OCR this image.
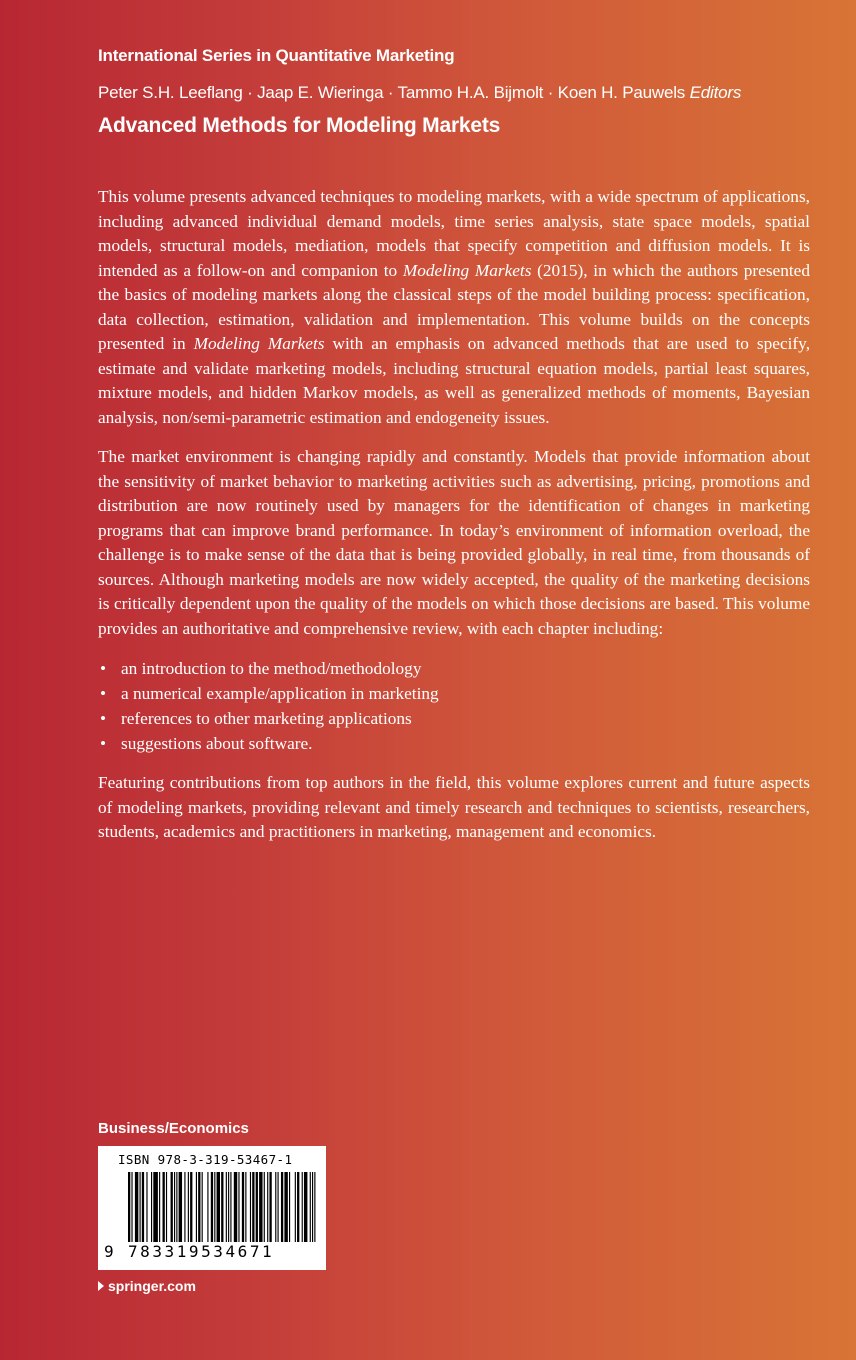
International Series in Quantitative Marketing
Peter S.H. Leeflang · Jaap E. Wieringa · Tammo H.A. Bijmolt · Koen H. Pauwels Editors
Advanced Methods for Modeling Markets

This volume presents advanced techniques to modeling markets, with a wide spectrum of applications, including advanced individual demand models, time series analysis, state space models, spatial models, structural models, mediation, models that specify competition and diffusion models. It is intended as a follow-on and companion to Modeling Markets (2015), in which the authors presented the basics of modeling markets along the classical steps of the model building process: specification, data collection, estimation, validation and implementation. This volume builds on the concepts presented in Modeling Markets with an emphasis on advanced methods that are used to specify, estimate and validate marketing models, including structural equation models, partial least squares, mixture models, and hidden Markov models, as well as generalized methods of moments, Bayesian analysis, non/semi-parametric estimation and endogeneity issues.

The market environment is changing rapidly and constantly. Models that provide information about the sensitivity of market behavior to marketing activities such as advertising, pricing, promotions and distribution are now routinely used by managers for the identification of changes in marketing programs that can improve brand performance. In today’s environment of information overload, the challenge is to make sense of the data that is being provided globally, in real time, from thousands of sources. Although marketing models are now widely accepted, the quality of the marketing decisions is critically dependent upon the quality of the models on which those decisions are based. This volume provides an authoritative and comprehensive review, with each chapter including:

• an introduction to the method/methodology
• a numerical example/application in marketing
• references to other marketing applications
• suggestions about software.

Featuring contributions from top authors in the field, this volume explores current and future aspects of modeling markets, providing relevant and timely research and techniques to scientists, researchers, students, academics and practitioners in marketing, management and economics.

Business/Economics
ISBN 978-3-319-53467-1
9 783319534671
springer.com
